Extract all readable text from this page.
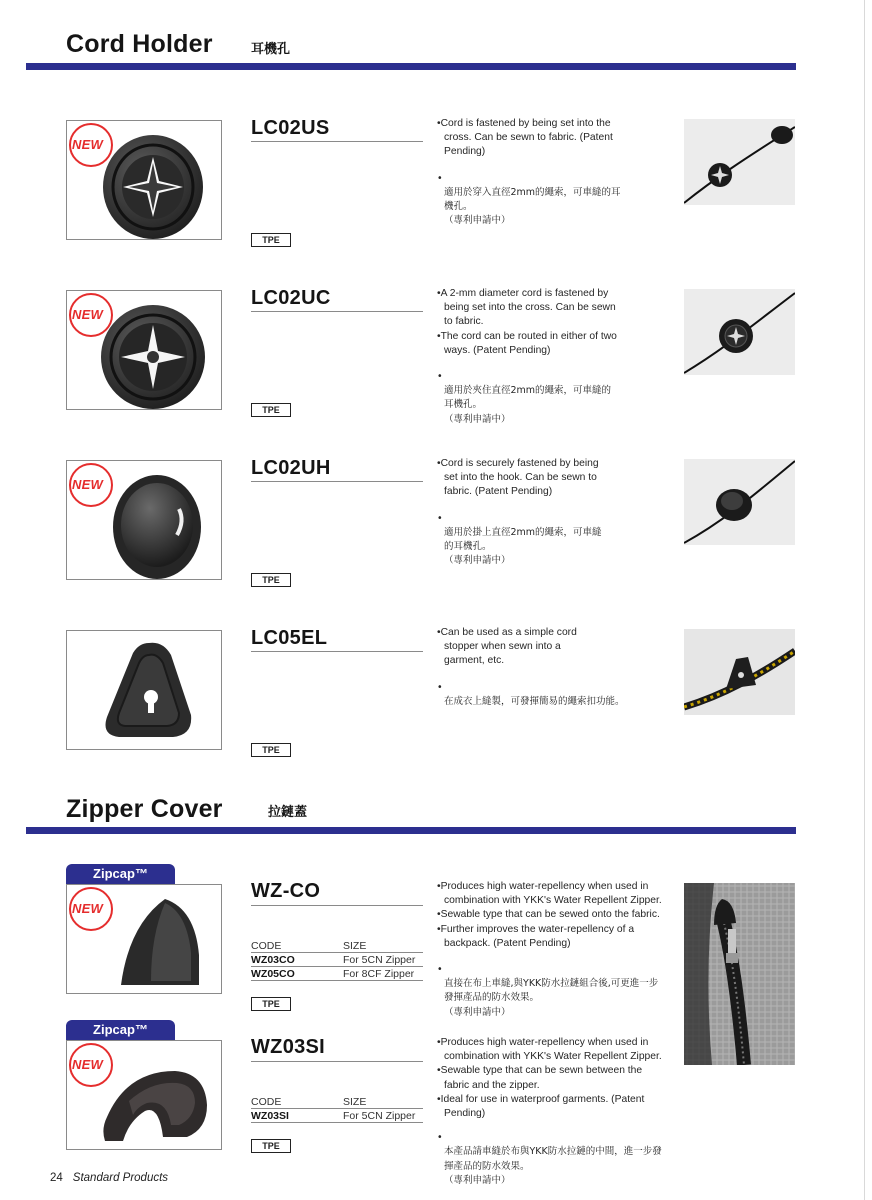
Cord Holder	耳機孔
NEW
LC02US
TPE
• Cord is fastened by being set into the cross. Can be sewn to fabric. (Patent Pending)
• 適用於穿入直徑2mm的繩索，可車縫的耳機孔。
（專利申請中）
NEW
LC02UC
TPE
• A 2-mm diameter cord is fastened by being set into the cross. Can be sewn to fabric.
• The cord can be routed in either of two ways. (Patent Pending)
• 適用於夾住直徑2mm的繩索，可車縫的耳機孔。
（專利申請中）
NEW
LC02UH
TPE
• Cord is securely fastened by being set into the hook. Can be sewn to fabric. (Patent Pending)
• 適用於掛上直徑2mm的繩索，可車縫的耳機孔。
（專利申請中）
LC05EL
TPE
• Can be used as a simple cord stopper when sewn into a garment, etc.
• 在成衣上縫製，可發揮簡易的繩索扣功能。
Zipper Cover	拉鏈蓋
Zipcap™
NEW
WZ-CO
CODE	SIZE
WZ03CO	For 5CN Zipper
WZ05CO	For 8CF Zipper
TPE
• Produces high water-repellency when used in combination with YKK's Water Repellent Zipper.
• Sewable type that can be sewed onto the fabric.
• Further improves the water-repellency of a backpack. (Patent Pending)
• 直接在布上車縫,與YKK防水拉鏈組合後,可更進一步發揮產品的防水效果。
（專利申請中）
Zipcap™
NEW
WZ03SI
CODE	SIZE
WZ03SI	For 5CN Zipper
TPE
• Produces high water-repellency when used in combination with YKK's Water Repellent Zipper.
• Sewable type that can be sewn between the fabric and the zipper.
• Ideal for use in waterproof garments. (Patent Pending)
• 本產品請車縫於布與YKK防水拉鏈的中間，進一步發揮產品的防水效果。
（專利申請中）
24 Standard Products
